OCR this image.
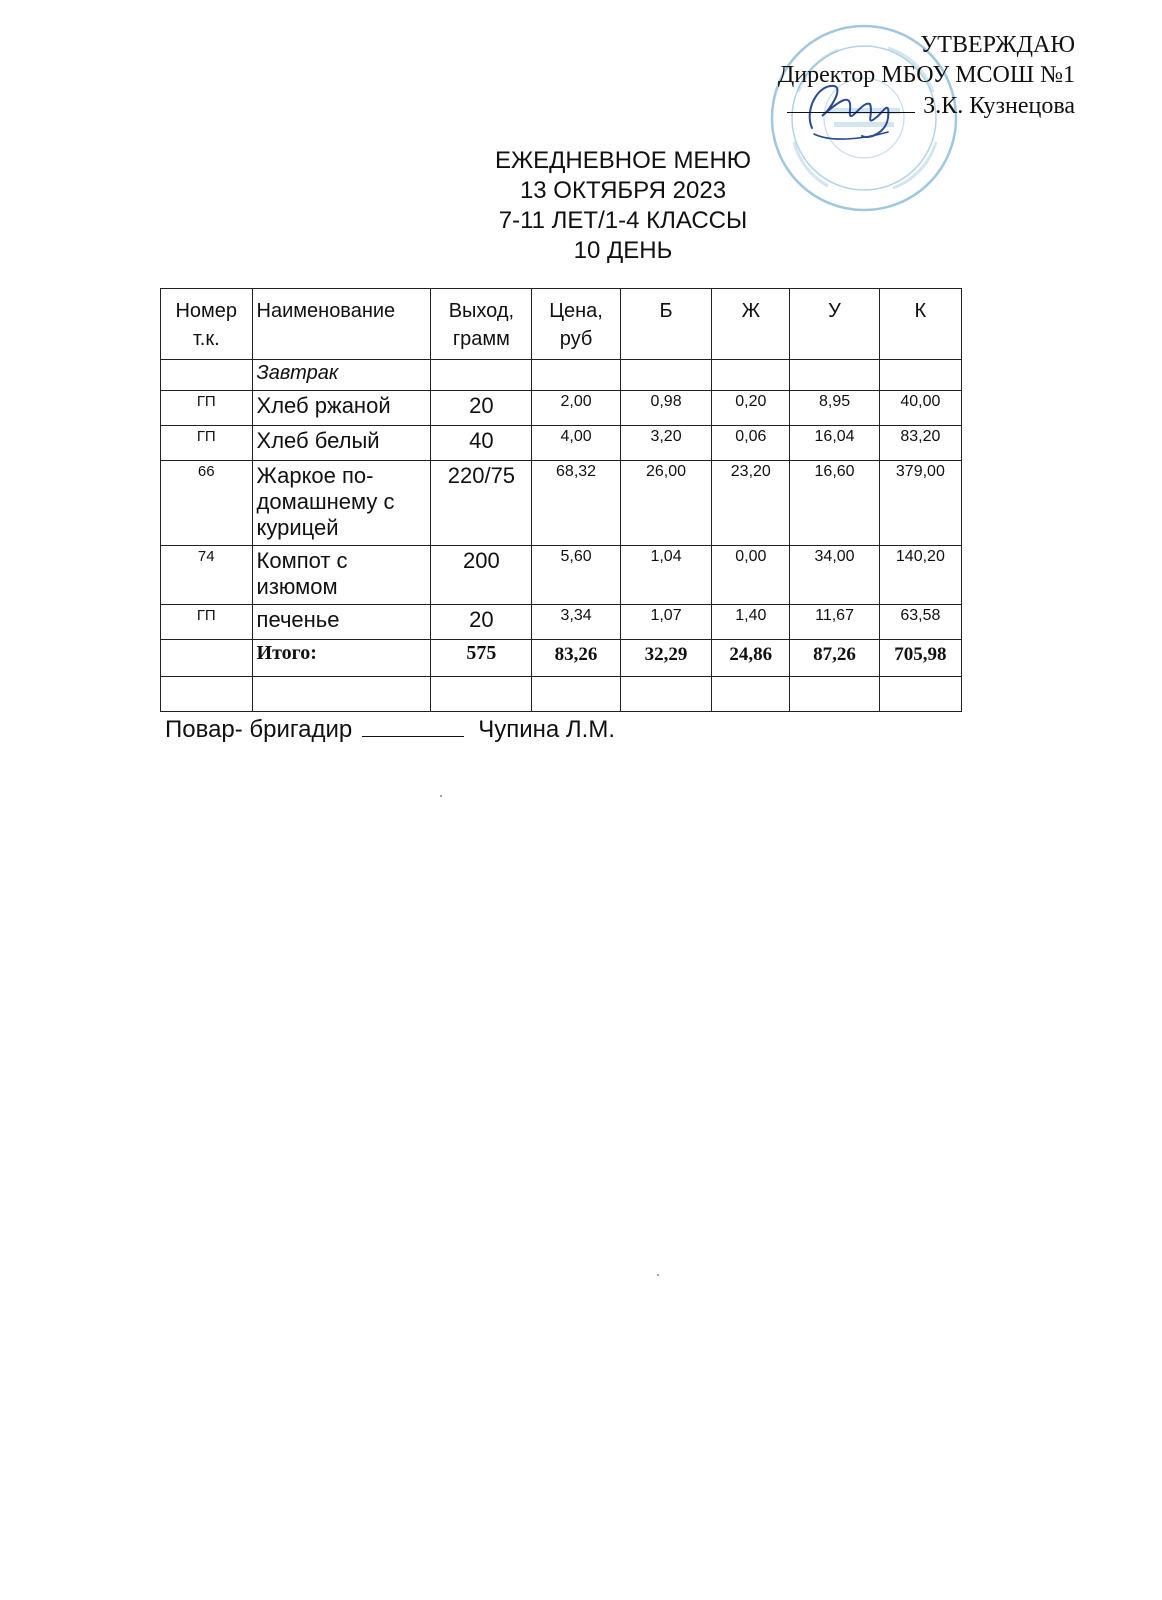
УТВЕРЖДАЮ
Директор МБОУ МСОШ №1
З.К. Кузнецова
ЕЖЕДНЕВНОЕ МЕНЮ
13 ОКТЯБРЯ 2023
7-11 ЛЕТ/1-4 КЛАССЫ
10 ДЕНЬ
Номер т.к.	Наименование	Выход, грамм	Цена, руб	Б	Ж	У	К
	Завтрак						
ГП	Хлеб ржаной	20	2,00	0,98	0,20	8,95	40,00
ГП	Хлеб белый	40	4,00	3,20	0,06	16,04	83,20
66	Жаркое по-домашнему с курицей	220/75	68,32	26,00	23,20	16,60	379,00
74	Компот с изюмом	200	5,60	1,04	0,00	34,00	140,20
ГП	печенье	20	3,34	1,07	1,40	11,67	63,58
	Итого:	575	83,26	32,29	24,86	87,26	705,98

Повар- бригадир	Чупина Л.М.
